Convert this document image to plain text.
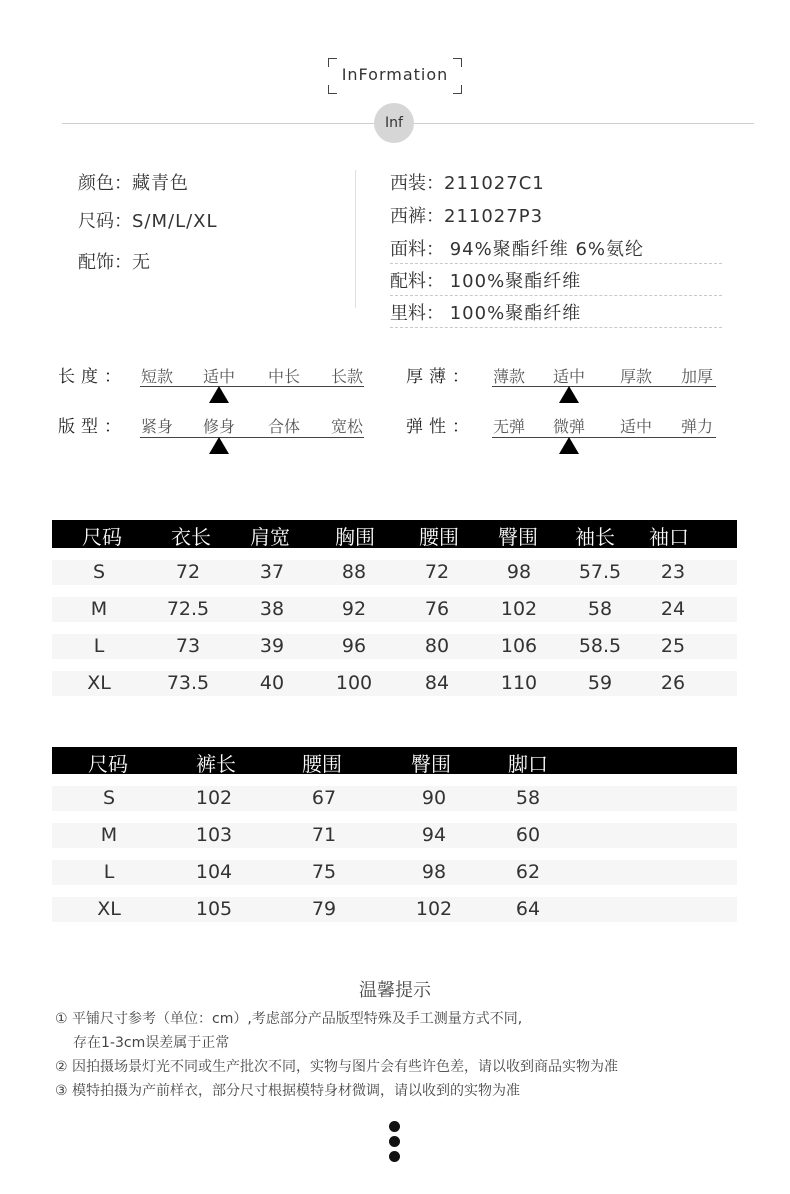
InFormation
Inf
颜色：藏青色
尺码：S/M/L/XL
配饰：无
西装：211027C1
西裤：211027P3
面料： 94%聚酯纤维 6%氨纶
配料： 100%聚酯纤维
里料： 100%聚酯纤维
长度： 短款 适中 中长 长款	厚薄： 薄款 适中 厚款 加厚
版型： 紧身 修身 合体 宽松	弹性： 无弹 微弹 适中 弹力
尺码 衣长 肩宽 胸围 腰围 臀围 袖长 袖口
S	72	37	88	72	98	57.5	23
M	72.5	38	92	76	102	58	24
L	73	39	96	80	106	58.5	25
XL	73.5	40	100	84	110	59	26
尺码	裤长	腰围	臀围	脚口
S	102	67	90	58
M	103	71	94	60
L	104	75	98	62
XL	105	79	102	64
温馨提示
① 平铺尺寸参考（单位：cm）,考虑部分产品版型特殊及手工测量方式不同,
存在1-3cm误差属于正常
② 因拍摄场景灯光不同或生产批次不同，实物与图片会有些许色差，请以收到商品实物为准
③ 模特拍摄为产前样衣，部分尺寸根据模特身材微调，请以收到的实物为准
